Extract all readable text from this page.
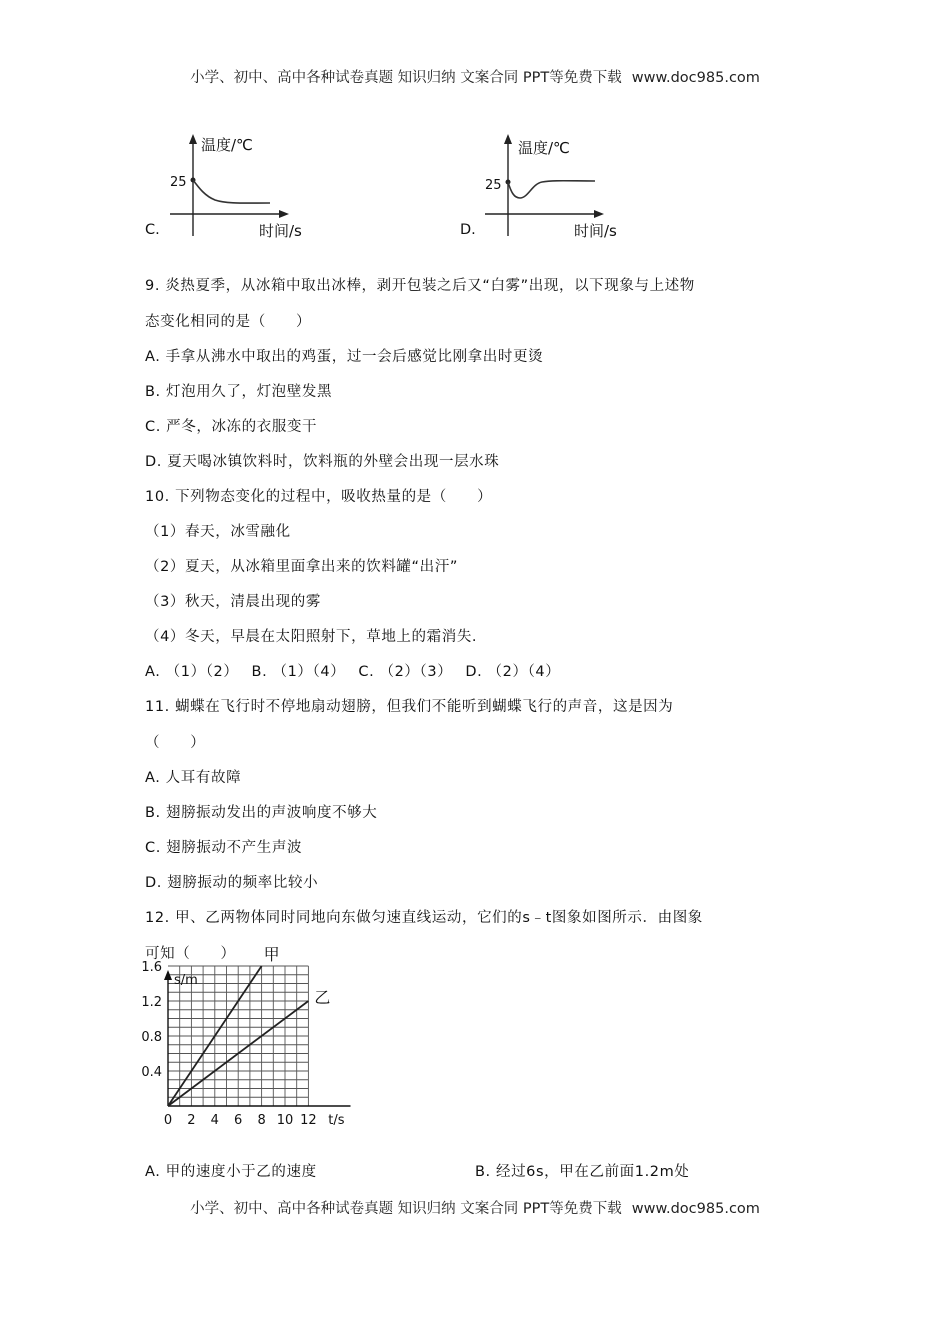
小学、初中、高中各种试卷真题 知识归纳 文案合同 PPT等免费下载 www.doc985.com
C.
温度/℃
25
时间/s	D.
温度/℃
25
时间/s
9. 炎热夏季，从冰箱中取出冰棒，剥开包装之后又“白雾”出现，以下现象与上述物
态变化相同的是（　　）
A. 手拿从沸水中取出的鸡蛋，过一会后感觉比刚拿出时更烫
B. 灯泡用久了，灯泡壁发黑
C. 严冬，冰冻的衣服变干
D. 夏天喝冰镇饮料时，饮料瓶的外壁会出现一层水珠
10. 下列物态变化的过程中，吸收热量的是（　　）
（1）春天，冰雪融化
（2）夏天，从冰箱里面拿出来的饮料罐“出汗”
（3）秋天，清晨出现的雾
（4）冬天，早晨在太阳照射下，草地上的霜消失.
A. （1）（2）　 B. （1）（4）　 C. （2）（3）　 D. （2）（4）
11. 蝴蝶在飞行时不停地扇动翅膀，但我们不能听到蝴蝶飞行的声音，这是因为
（　　）
A. 人耳有故障
B. 翅膀振动发出的声波响度不够大
C. 翅膀振动不产生声波
D. 翅膀振动的频率比较小
12. 甲、乙两物体同时同地向东做匀速直线运动，它们的s﹣t图象如图所示．由图象
可知（　　）
0 2 4 6 8 10 12
0.4
0.8
1.2
1.6
t/s
s/m
甲
乙
A. 甲的速度小于乙的速度	B. 经过6s，甲在乙前面1.2m处
小学、初中、高中各种试卷真题 知识归纳 文案合同 PPT等免费下载 www.doc985.com
